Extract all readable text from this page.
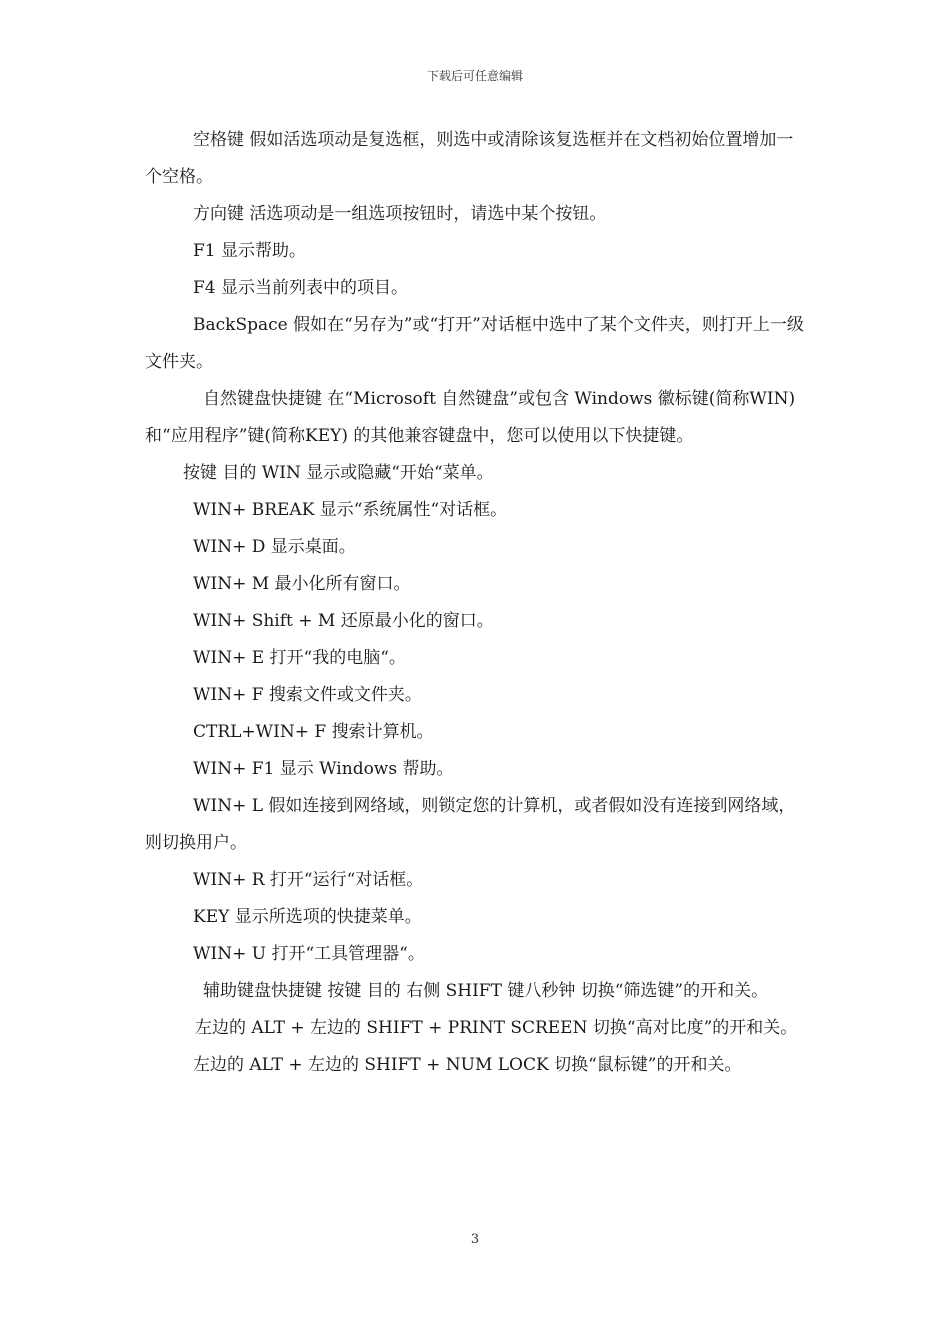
下载后可任意编辑

空格键 假如活选项动是复选框，则选中或清除该复选框并在文档初始位置增加一个空格。

方向键 活选项动是一组选项按钮时，请选中某个按钮。

F1 显示帮助。

F4 显示当前列表中的项目。

BackSpace 假如在“另存为”或“打开”对话框中选中了某个文件夹，则打开上一级文件夹。

自然键盘快捷键 在“Microsoft 自然键盘”或包含 Windows 徽标键(简称WIN) 和“应用程序”键(简称KEY) 的其他兼容键盘中，您可以使用以下快捷键。

按键 目的 WIN 显示或隐藏“开始“菜单。

WIN+ BREAK 显示“系统属性“对话框。

WIN+ D 显示桌面。

WIN+ M 最小化所有窗口。

WIN+ Shift + M 还原最小化的窗口。

WIN+ E 打开“我的电脑“。

WIN+ F 搜索文件或文件夹。

CTRL+WIN+ F 搜索计算机。

WIN+ F1 显示 Windows 帮助。

WIN+ L 假如连接到网络域，则锁定您的计算机，或者假如没有连接到网络域，则切换用户。

WIN+ R 打开“运行“对话框。

KEY 显示所选项的快捷菜单。

WIN+ U 打开“工具管理器“。

辅助键盘快捷键 按键 目的 右侧 SHIFT 键八秒钟 切换“筛选键”的开和关。

左边的 ALT + 左边的 SHIFT + PRINT SCREEN 切换“高对比度”的开和关。

左边的 ALT + 左边的 SHIFT + NUM LOCK 切换“鼠标键”的开和关。

3
